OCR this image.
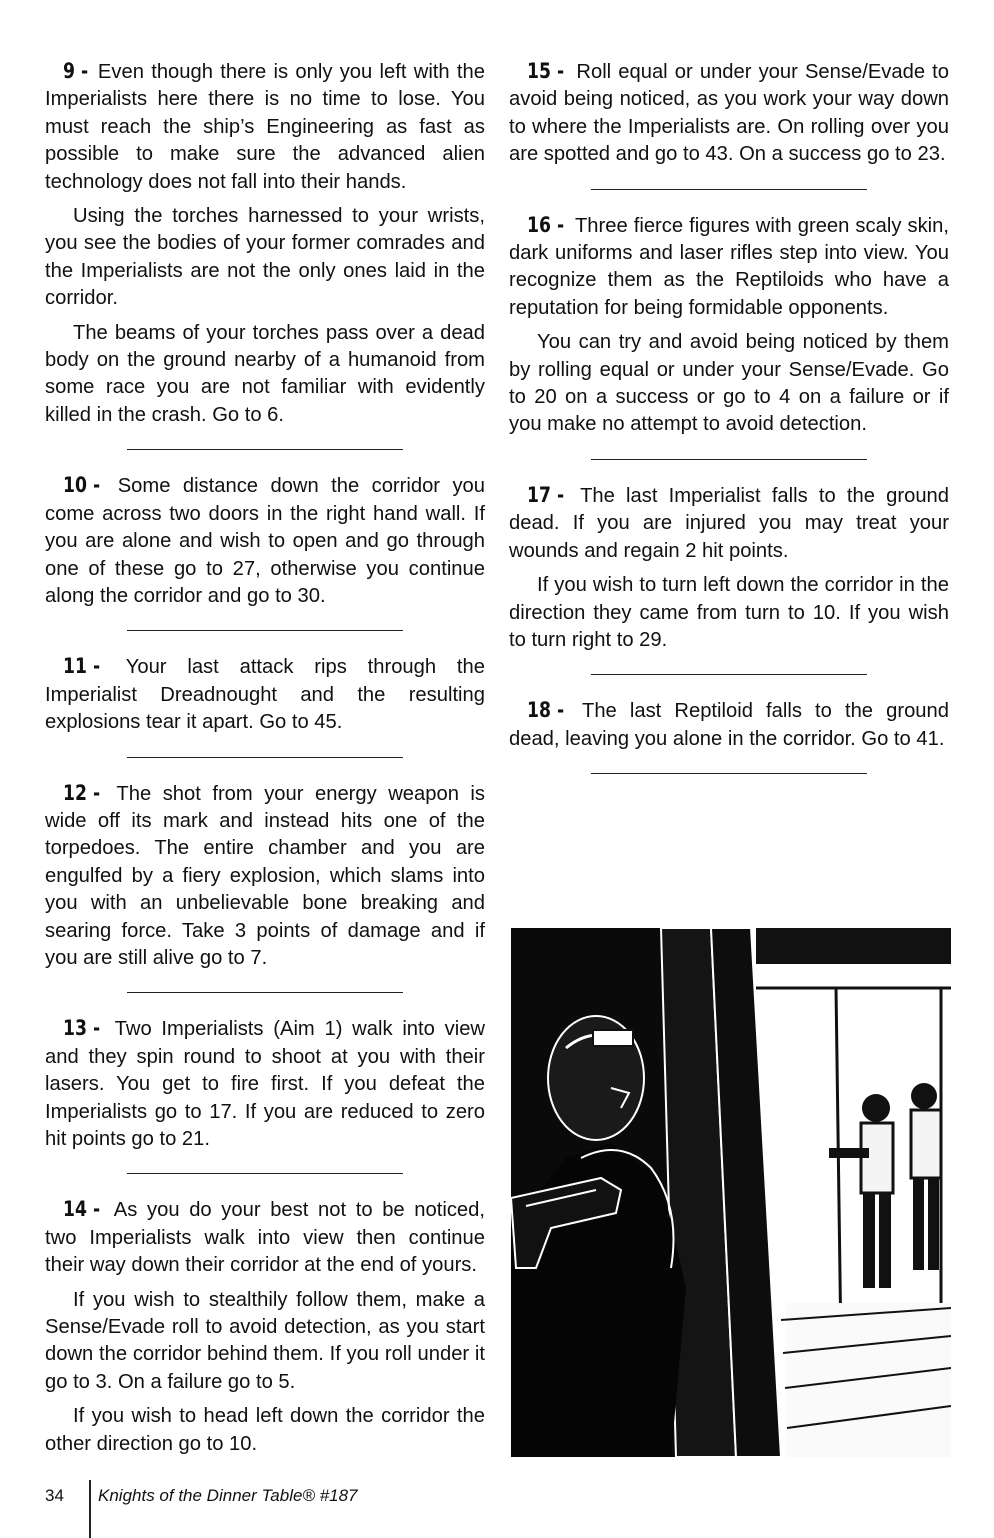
9 - Even though there is only you left with the Imperialists here there is no time to lose. You must reach the ship’s Engineering as fast as possible to make sure the advanced alien technology does not fall into their hands.

Using the torches harnessed to your wrists, you see the bodies of your former comrades and the Imperialists are not the only ones laid in the corridor.

The beams of your torches pass over a dead body on the ground nearby of a humanoid from some race you are not familiar with evidently killed in the crash. Go to 6.

10 - Some distance down the corridor you come across two doors in the right hand wall. If you are alone and wish to open and go through one of these go to 27, otherwise you continue along the corridor and go to 30.

11 - Your last attack rips through the Imperialist Dreadnought and the resulting explosions tear it apart. Go to 45.

12 - The shot from your energy weapon is wide off its mark and instead hits one of the torpedoes. The entire chamber and you are engulfed by a fiery explosion, which slams into you with an unbelievable bone breaking and searing force. Take 3 points of damage and if you are still alive go to 7.

13 - Two Imperialists (Aim 1) walk into view and they spin round to shoot at you with their lasers. You get to fire first. If you defeat the Imperialists go to 17. If you are reduced to zero hit points go to 21.

14 - As you do your best not to be noticed, two Imperialists walk into view then continue their way down their corridor at the end of yours.

If you wish to stealthily follow them, make a Sense/Evade roll to avoid detection, as you start down the corridor behind them. If you roll under it go to 3. On a failure go to 5.

If you wish to head left down the corridor the other direction go to 10.

15 - Roll equal or under your Sense/Evade to avoid being noticed, as you work your way down to where the Imperialists are. On rolling over you are spotted and go to 43. On a success go to 23.

16 - Three fierce figures with green scaly skin, dark uniforms and laser rifles step into view. You recognize them as the Reptiloids who have a reputation for being formidable opponents.

You can try and avoid being noticed by them by rolling equal or under your Sense/Evade. Go to 20 on a success or go to 4 on a failure or if you make no attempt to avoid detection.

17 - The last Imperialist falls to the ground dead. If you are injured you may treat your wounds and regain 2 hit points.

If you wish to turn left down the corridor in the direction they came from turn to 10. If you wish to turn right to 29.

18 - The last Reptiloid falls to the ground dead, leaving you alone in the corridor. Go to 41.

34 Knights of the Dinner Table® #187
